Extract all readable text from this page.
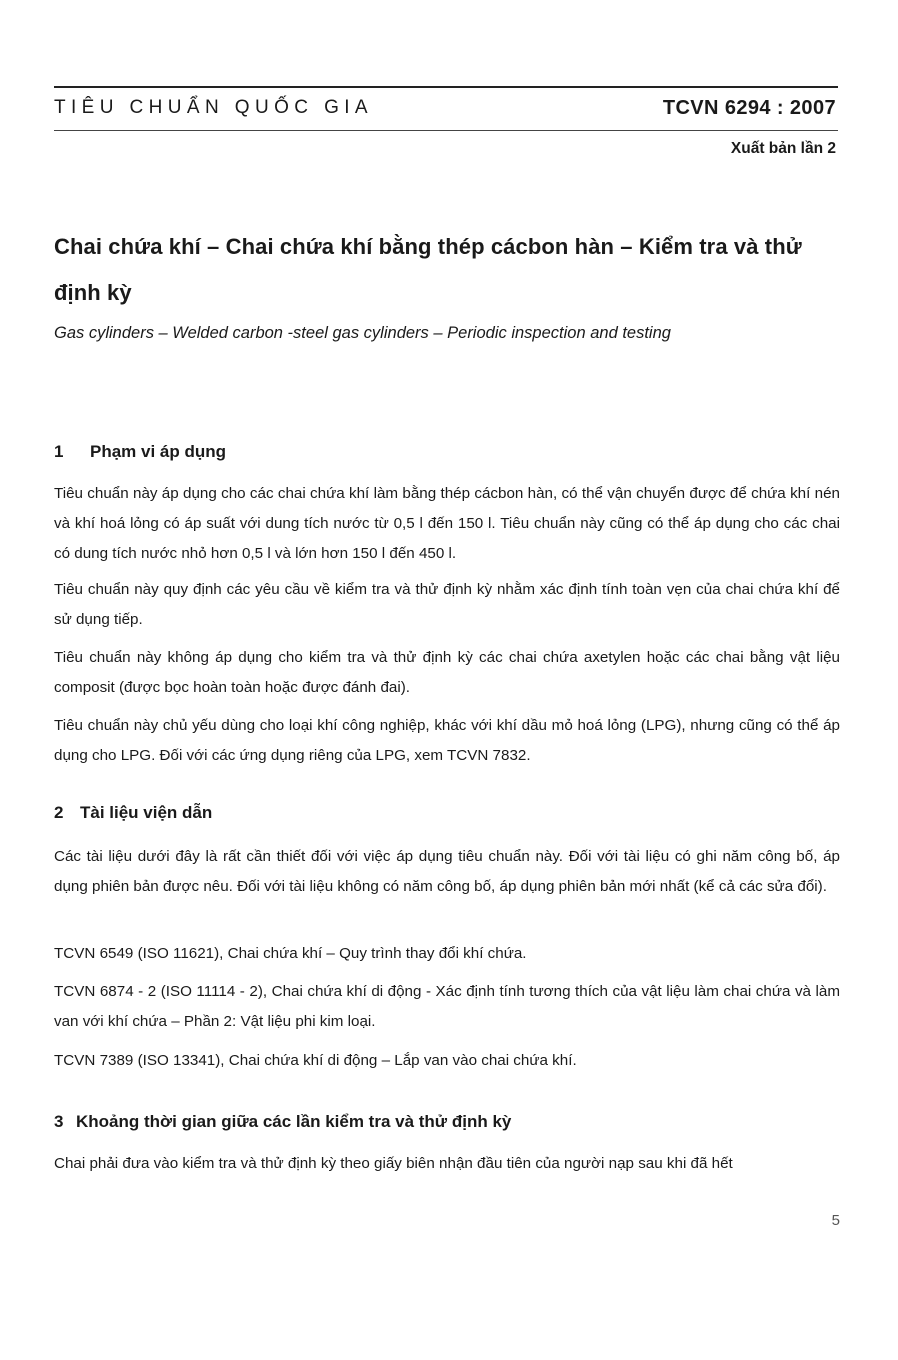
TIÊU CHUẨN QUỐC GIA	TCVN 6294 : 2007
Xuất bản lần 2
Chai chứa khí – Chai chứa khí bằng thép cácbon hàn – Kiểm tra và thử định kỳ
Gas cylinders – Welded carbon -steel gas cylinders – Periodic inspection and testing
1 Phạm vi áp dụng

Tiêu chuẩn này áp dụng cho các chai chứa khí làm bằng thép cácbon hàn, có thể vận chuyển được để chứa khí nén và khí hoá lỏng có áp suất với dung tích nước từ 0,5 l đến 150 l. Tiêu chuẩn này cũng có thể áp dụng cho các chai có dung tích nước nhỏ hơn 0,5 l và lớn hơn 150 l đến 450 l.

Tiêu chuẩn này quy định các yêu cầu về kiểm tra và thử định kỳ nhằm xác định tính toàn vẹn của chai chứa khí để sử dụng tiếp.

Tiêu chuẩn này không áp dụng cho kiểm tra và thử định kỳ các chai chứa axetylen hoặc các chai bằng vật liệu composit (được bọc hoàn toàn hoặc được đánh đai).

Tiêu chuẩn này chủ yếu dùng cho loại khí công nghiệp, khác với khí dầu mỏ hoá lỏng (LPG), nhưng cũng có thể áp dụng cho LPG. Đối với các ứng dụng riêng của LPG, xem TCVN 7832.

2 Tài liệu viện dẫn

Các tài liệu dưới đây là rất cần thiết đối với việc áp dụng tiêu chuẩn này. Đối với tài liệu có ghi năm công bố, áp dụng phiên bản được nêu. Đối với tài liệu không có năm công bố, áp dụng phiên bản mới nhất (kể cả các sửa đổi).

TCVN 6549 (ISO 11621), Chai chứa khí – Quy trình thay đổi khí chứa.

TCVN 6874 - 2 (ISO 11114 - 2), Chai chứa khí di động - Xác định tính tương thích của vật liệu làm chai chứa và làm van với khí chứa – Phần 2: Vật liệu phi kim loại.

TCVN 7389 (ISO 13341), Chai chứa khí di động – Lắp van vào chai chứa khí.

3 Khoảng thời gian giữa các lần kiểm tra và thử định kỳ

Chai phải đưa vào kiểm tra và thử định kỳ theo giấy biên nhận đầu tiên của người nạp sau khi đã hết

5
